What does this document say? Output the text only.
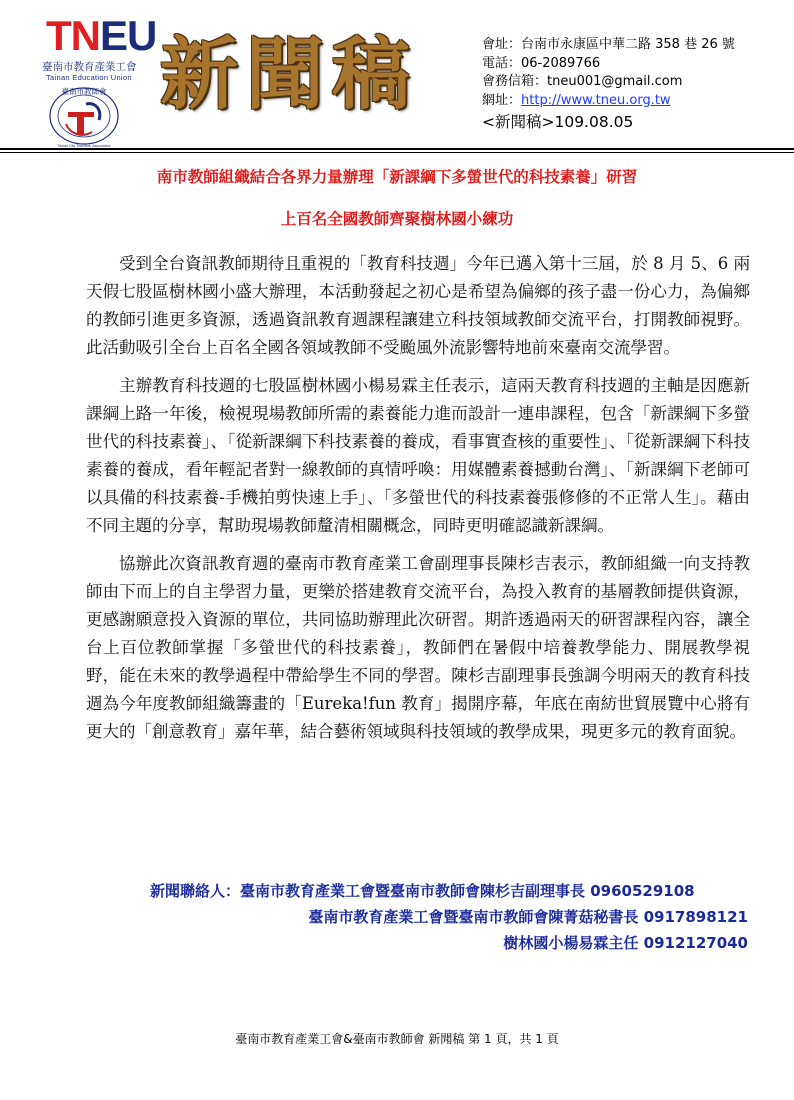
TNEU
臺南市教育產業工會
Tainan Education Union
臺南市教師會
Tainan City Teachers' Association
新聞稿	會址：台南市永康區中華二路 358 巷 26 號
電話：06-2089766
會務信箱：tneu001@gmail.com
網址：http://www.tneu.org.tw
<新聞稿>109.08.05
南市教師組織結合各界力量辦理「新課綱下多螢世代的科技素養」研習
上百名全國教師齊聚樹林國小練功

受到全台資訊教師期待且重視的「教育科技週」今年已邁入第十三屆，於 8 月 5、6 兩天假七股區樹林國小盛大辦理，本活動發起之初心是希望為偏鄉的孩子盡一份心力，為偏鄉的教師引進更多資源，透過資訊教育週課程讓建立科技領域教師交流平台，打開教師視野。此活動吸引全台上百名全國各領域教師不受颱風外流影響特地前來臺南交流學習。

主辦教育科技週的七股區樹林國小楊易霖主任表示，這兩天教育科技週的主軸是因應新課綱上路一年後，檢視現場教師所需的素養能力進而設計一連串課程，包含「新課綱下多螢世代的科技素養」、「從新課綱下科技素養的養成，看事實查核的重要性」、「從新課綱下科技素養的養成，看年輕記者對一線教師的真情呼喚：用媒體素養撼動台灣」、「新課綱下老師可以具備的科技素養-手機拍剪快速上手」、「多螢世代的科技素養張修修的不正常人生」。藉由不同主題的分享，幫助現場教師釐清相關概念，同時更明確認識新課綱。

協辦此次資訊教育週的臺南市教育產業工會副理事長陳杉吉表示，教師組織一向支持教師由下而上的自主學習力量，更樂於搭建教育交流平台，為投入教育的基層教師提供資源，更感謝願意投入資源的單位，共同協助辦理此次研習。期許透過兩天的研習課程內容，讓全台上百位教師掌握「多螢世代的科技素養」，教師們在暑假中培養教學能力、開展教學視野，能在未來的教學過程中帶給學生不同的學習。陳杉吉副理事長強調今明兩天的教育科技週為今年度教師組織籌畫的「Eureka!fun 教育」揭開序幕，年底在南紡世貿展覽中心將有更大的「創意教育」嘉年華，結合藝術領域與科技領域的教學成果，現更多元的教育面貌。

新聞聯絡人：臺南市教育產業工會暨臺南市教師會陳杉吉副理事長 0960529108
臺南市教育產業工會暨臺南市教師會陳菁菇秘書長 0917898121
樹林國小楊易霖主任 0912127040
臺南市教育產業工會&臺南市教師會 新聞稿 第 1 頁，共 1 頁
